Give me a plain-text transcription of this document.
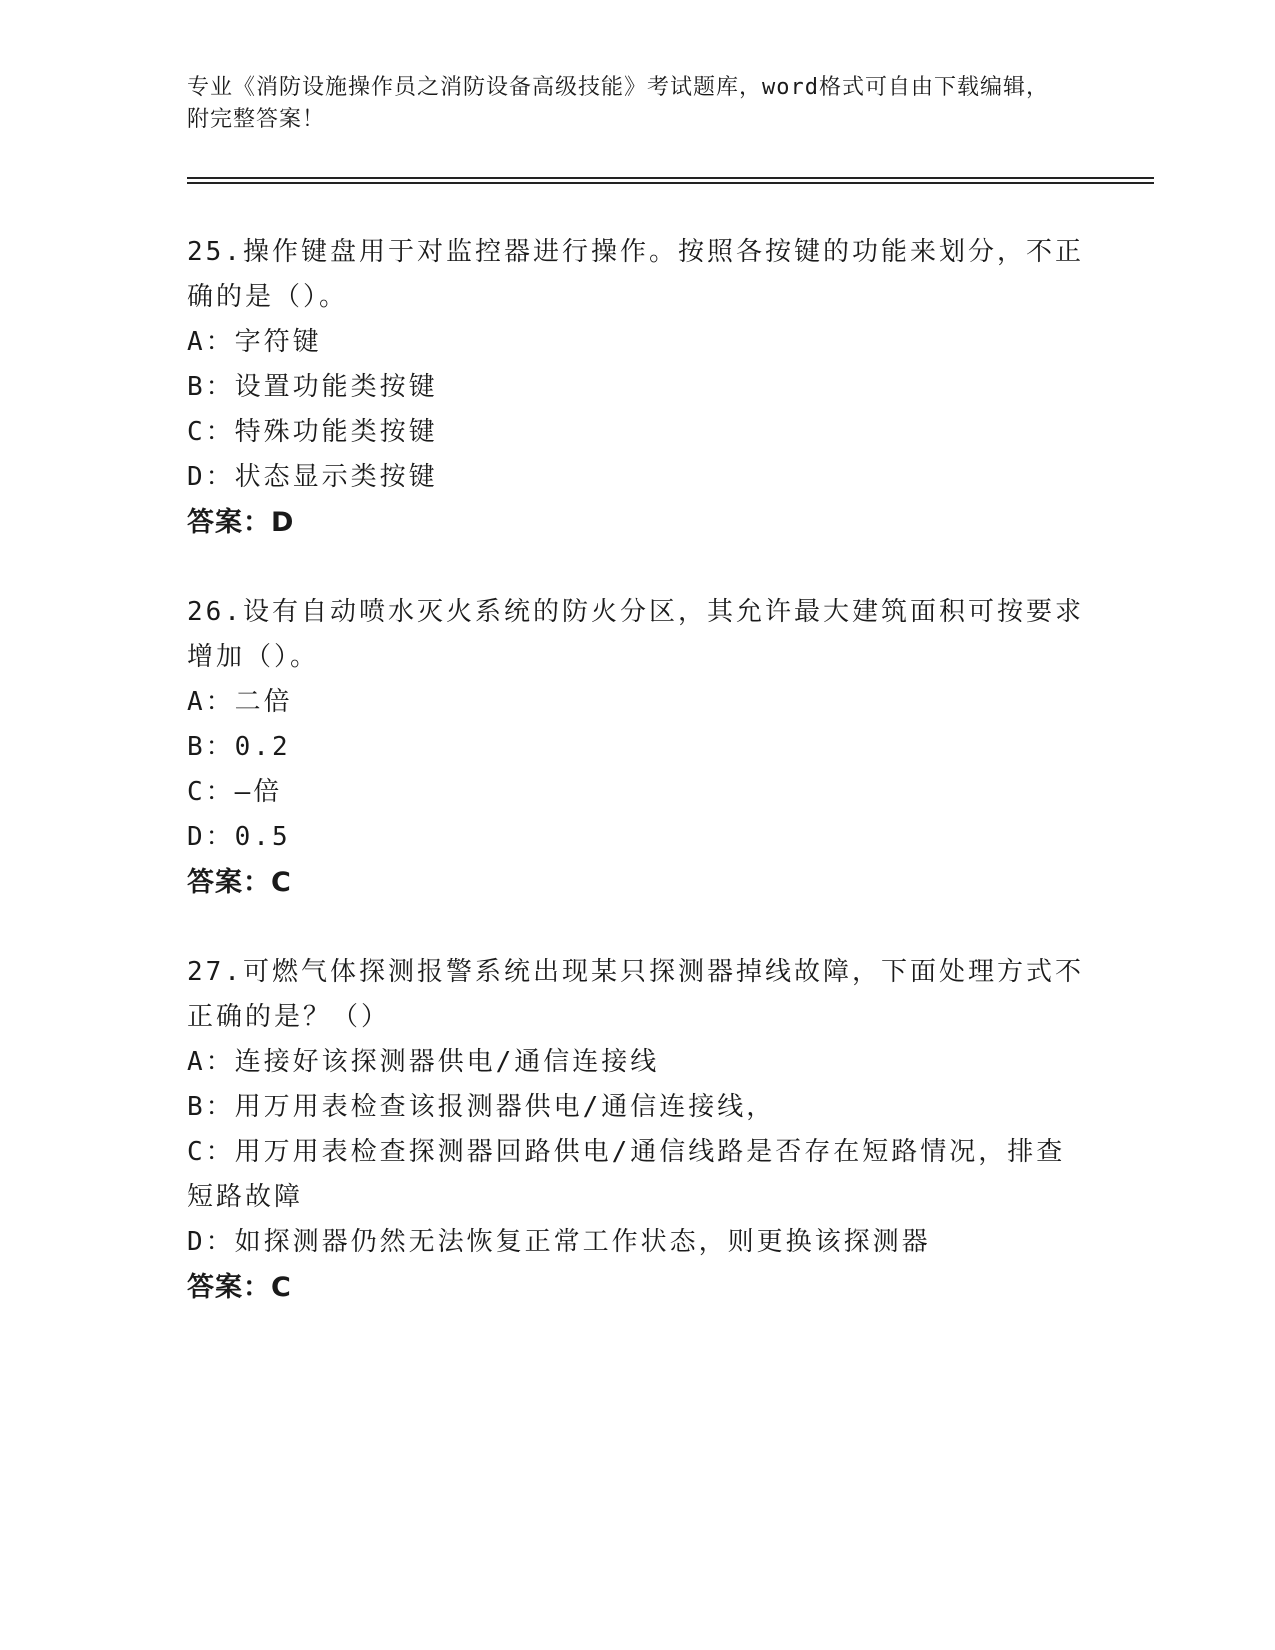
专业《消防设施操作员之消防设备高级技能》考试题库，word格式可自由下载编辑，附完整答案！
25.操作键盘用于对监控器进行操作。按照各按键的功能来划分，不正确的是（）。
A：字符键
B：设置功能类按键
C：特殊功能类按键
D：状态显示类按键
答案：D
26.设有自动喷水灭火系统的防火分区，其允许最大建筑面积可按要求增加（）。
A：二倍
B：0.2
C：—倍
D：0.5
答案：C
27.可燃气体探测报警系统出现某只探测器掉线故障，下面处理方式不正确的是？（）
A：连接好该探测器供电/通信连接线
B：用万用表检查该报测器供电/通信连接线，
C：用万用表检查探测器回路供电/通信线路是否存在短路情况，排查短路故障
D：如探测器仍然无法恢复正常工作状态，则更换该探测器
答案：C
